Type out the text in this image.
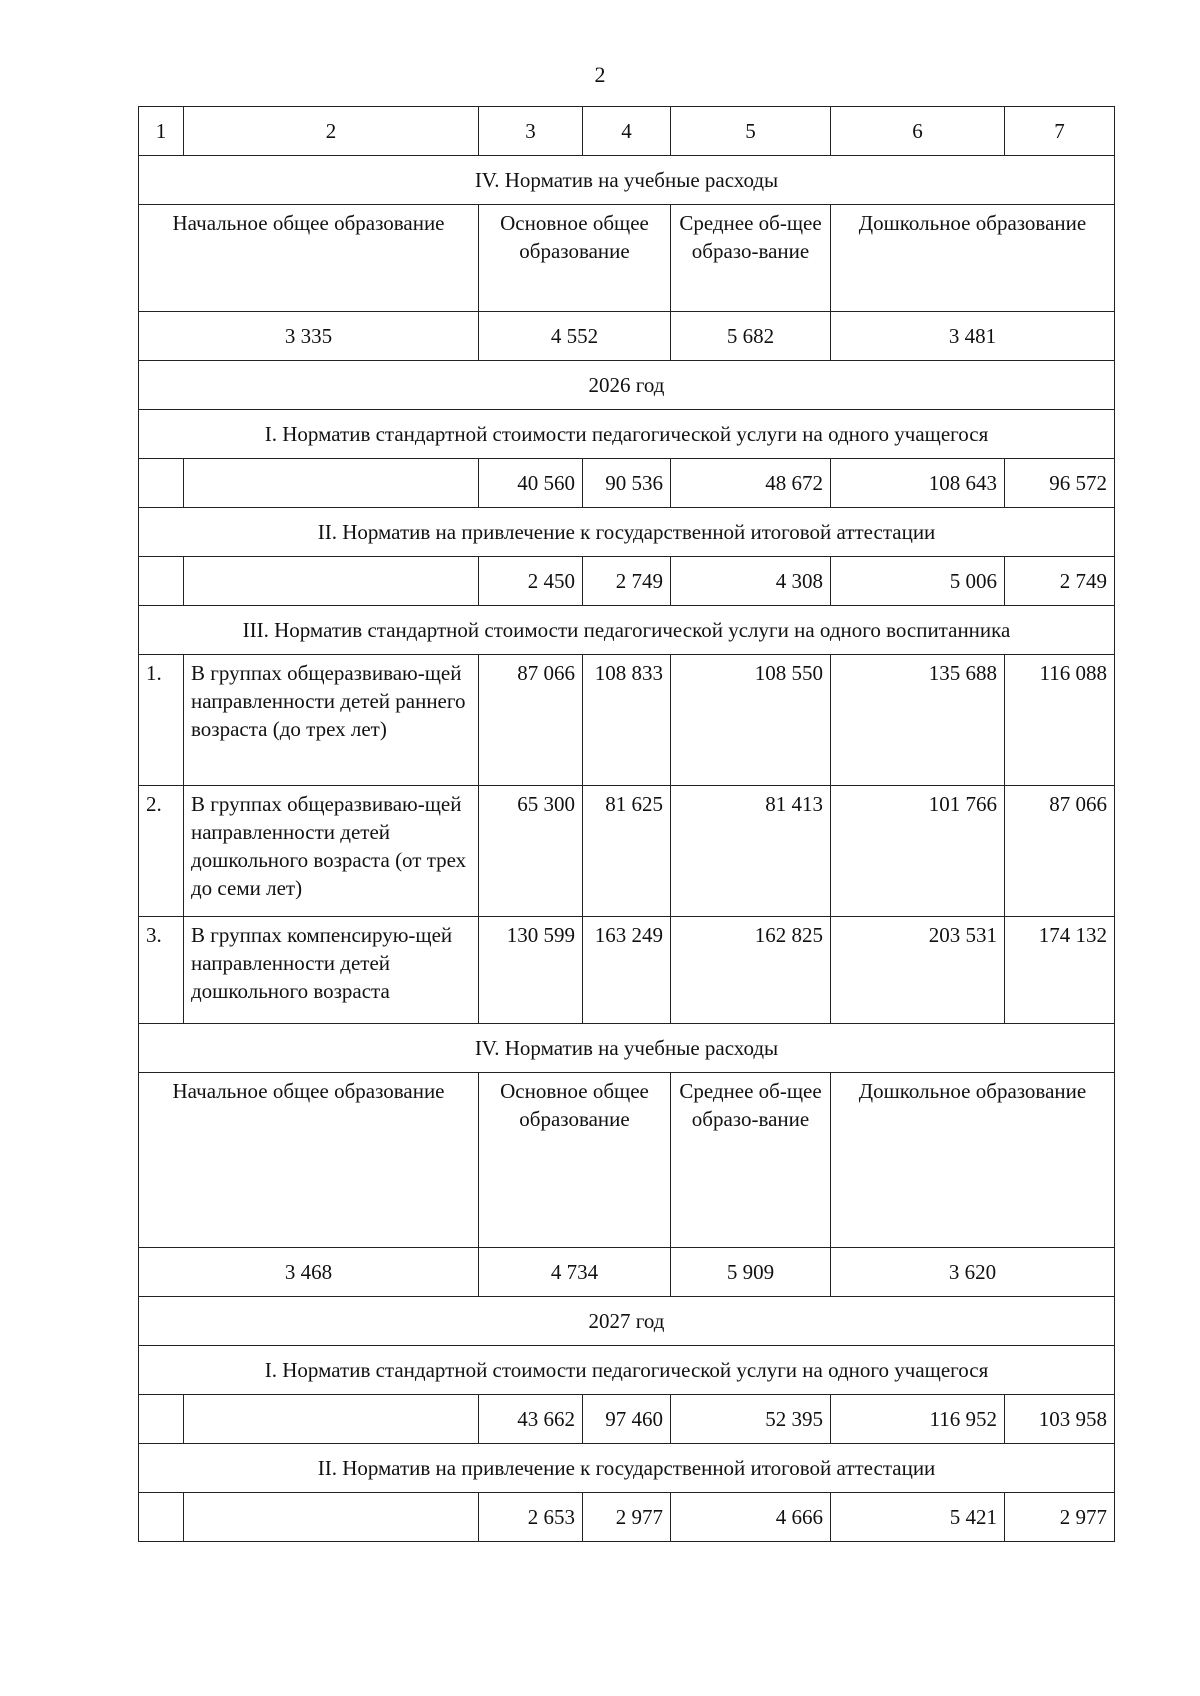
2
1	2	3	4	5	6	7
IV. Норматив на учебные расходы						
Начальное общее образование		Основное общее образование		Среднее об-щее образо-вание	Дошкольное образование	
3 335		4 552		5 682	3 481	
2026 год						
I. Норматив стандартной стоимости педагогической услуги на одного учащегося						
		40 560	90 536	48 672	108 643	96 572
II. Норматив на привлечение к государственной итоговой аттестации						
		2 450	2 749	4 308	5 006	2 749
III. Норматив стандартной стоимости педагогической услуги на одного воспитанника						
1.	В группах общеразвиваю-щей направленности детей раннего возраста (до трех лет)	87 066	108 833	108 550	135 688	116 088
2.	В группах общеразвиваю-щей направленности детей дошкольного возраста (от трех до семи лет)	65 300	81 625	81 413	101 766	87 066
3.	В группах компенсирую-щей направленности детей дошкольного возраста	130 599	163 249	162 825	203 531	174 132
IV. Норматив на учебные расходы						
Начальное общее образование		Основное общее образование		Среднее об-щее образо-вание	Дошкольное образование	
3 468		4 734		5 909	3 620	
2027 год						
I. Норматив стандартной стоимости педагогической услуги на одного учащегося						
		43 662	97 460	52 395	116 952	103 958
II. Норматив на привлечение к государственной итоговой аттестации						
		2 653	2 977	4 666	5 421	2 977
